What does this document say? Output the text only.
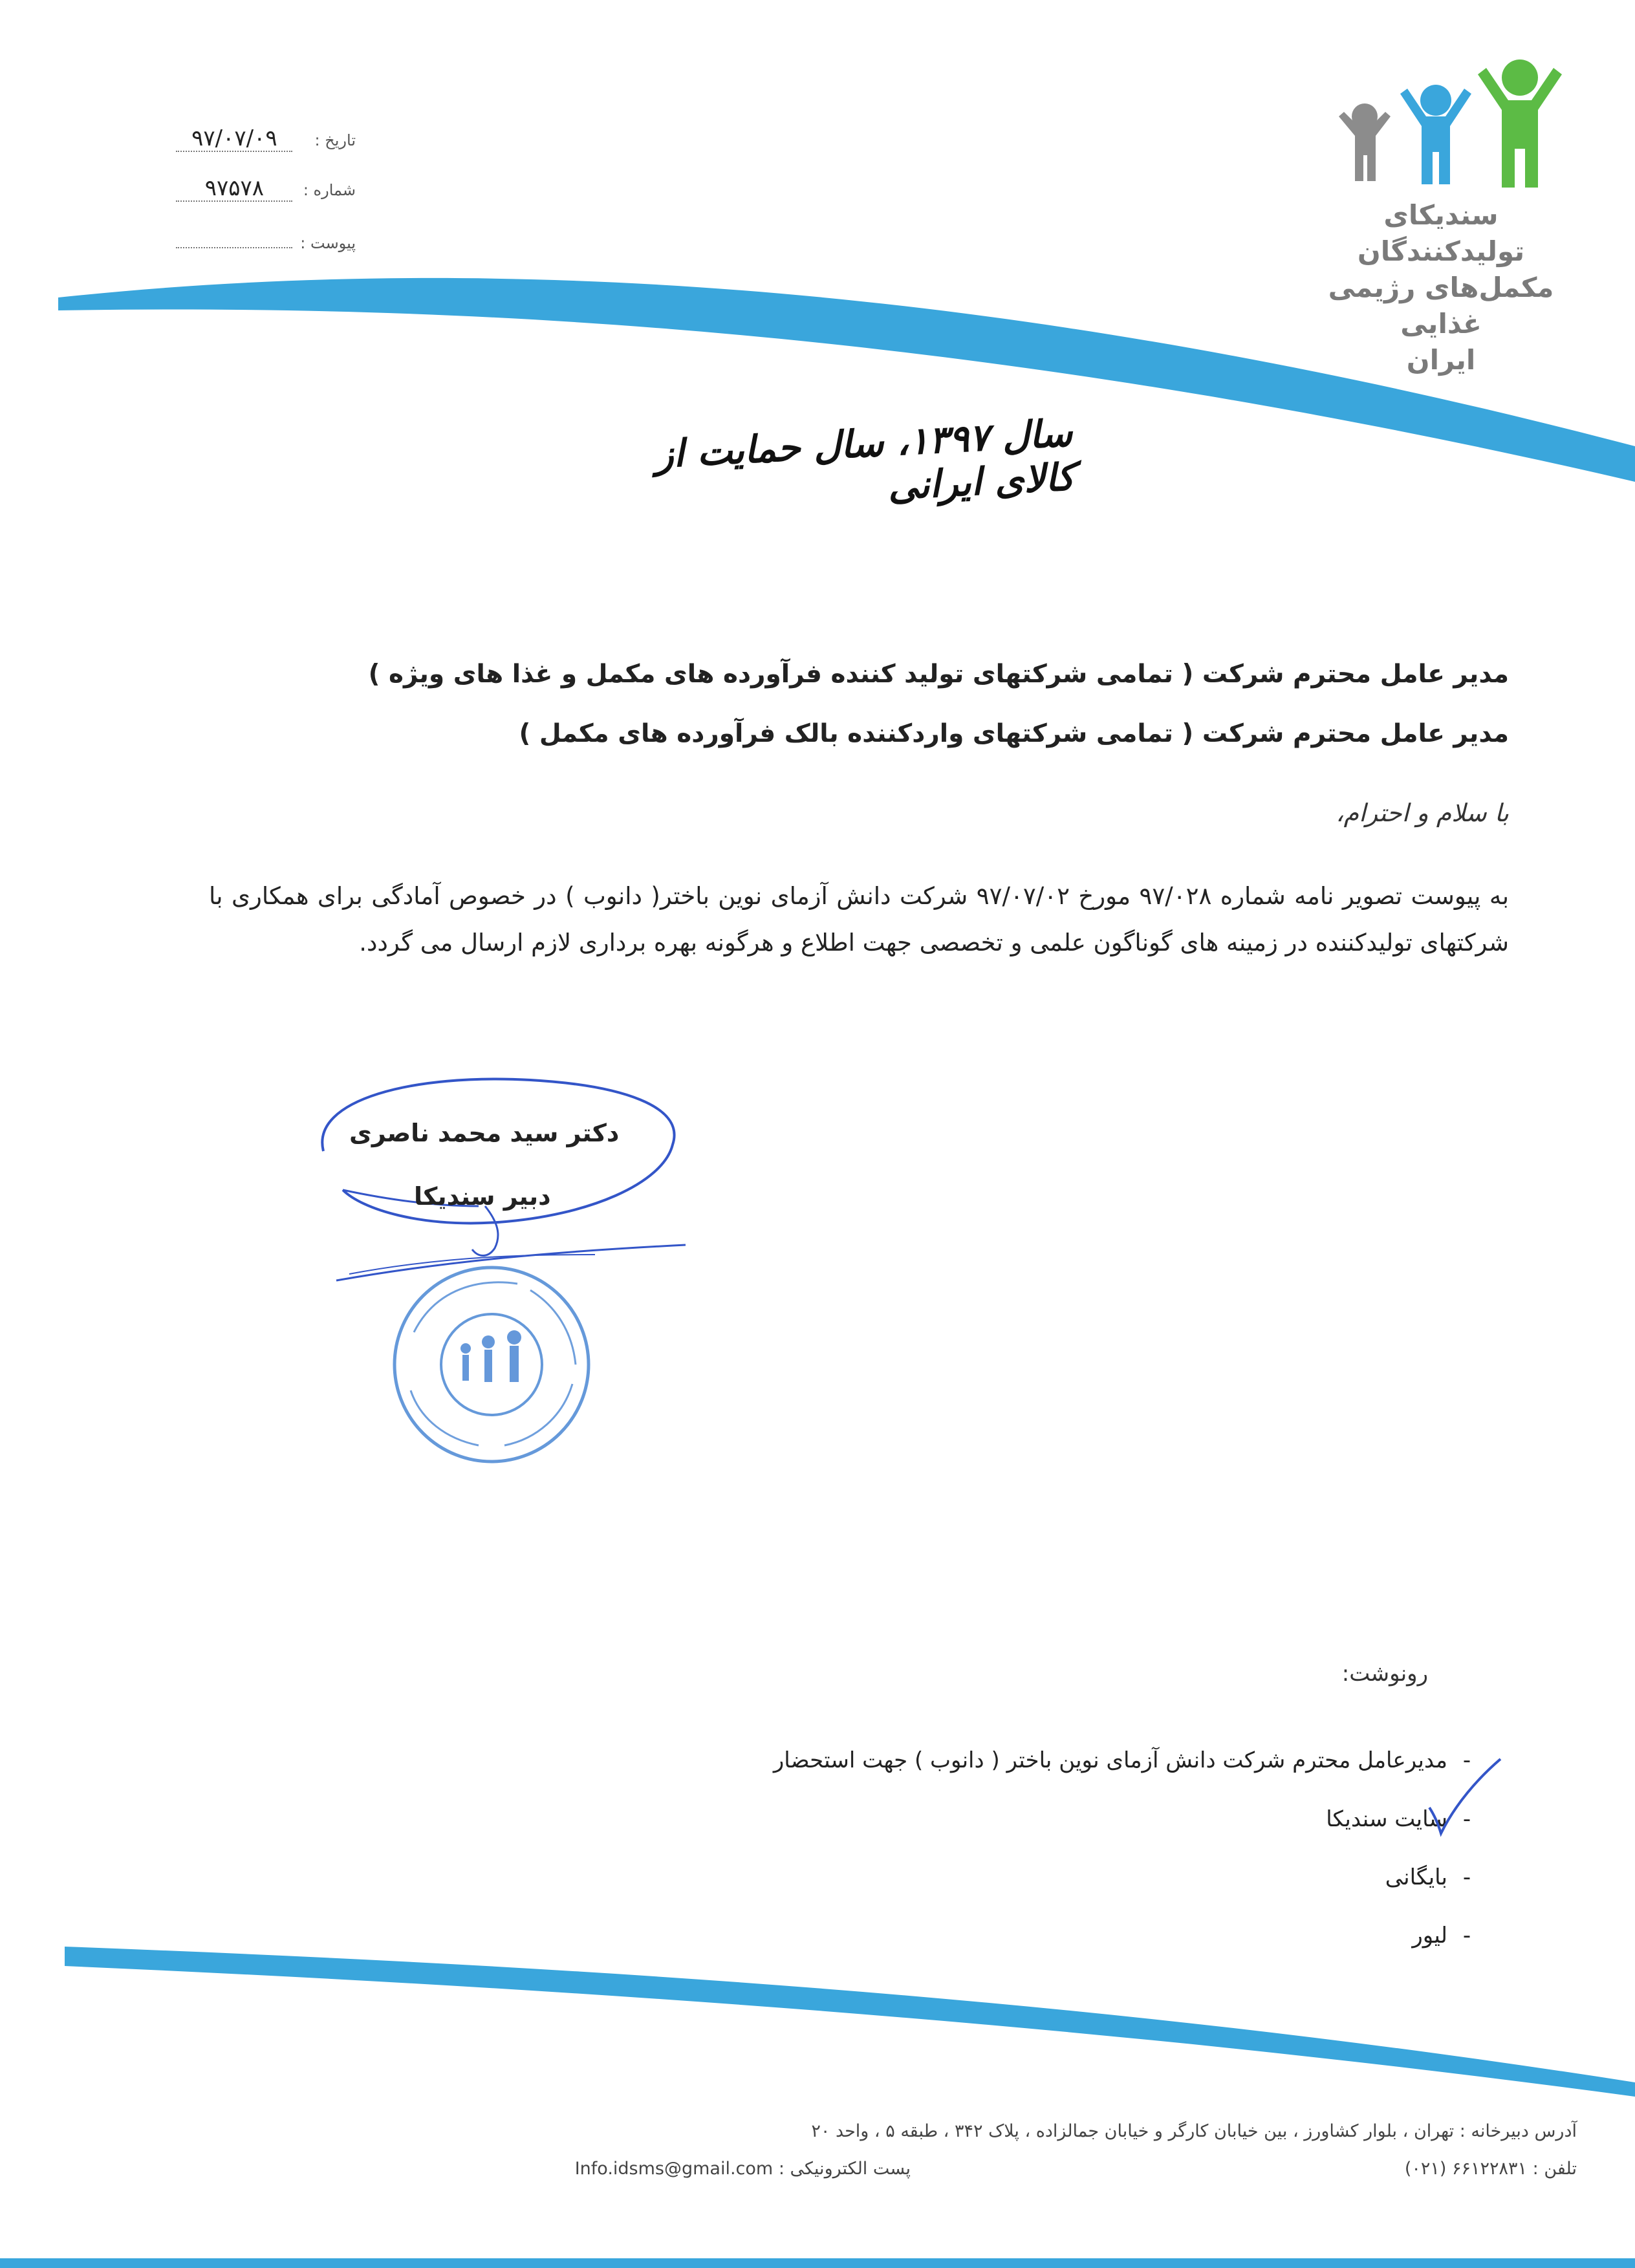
تاریخ : ۹۷/۰۷/۰۹
شماره : ۹۷۵۷۸
پیوست :
سندیکای تولیدکنندگان
مکمل‌های رژیمی غذایی
ایران
سال ۱۳۹۷، سال حمایت از کالای ایرانی
مدیر عامل محترم شرکت ( تمامی شرکتهای تولید کننده فرآورده های مکمل و غذا های ویژه )
مدیر عامل محترم شرکت ( تمامی شرکتهای واردکننده بالک فرآورده های مکمل )
با سلام و احترام،
به پیوست تصویر نامه شماره ۹۷/۰۲۸ مورخ ۹۷/۰۷/۰۲ شرکت دانش آزمای نوین باختر( دانوب ) در خصوص آمادگی برای همکاری با شرکتهای تولیدکننده در زمینه های گوناگون علمی و تخصصی جهت اطلاع و هرگونه بهره برداری لازم ارسال می گردد.
دکتر سید محمد ناصری
دبیر سندیکا
رونوشت:
-مدیرعامل محترم شرکت دانش آزمای نوین باختر ( دانوب ) جهت استحضار
-سایت سندیکا
-بایگانی
-لیور
آدرس دبیرخانه : تهران ، بلوار کشاورز ، بین خیابان کارگر و خیابان جمالزاده ، پلاک ۳۴۲ ، طبقه ۵ ، واحد ۲۰
تلفن : ۶۶۱۲۲۸۳۱ (۰۲۱)
پست الکترونیکی : Info.idsms@gmail.com
